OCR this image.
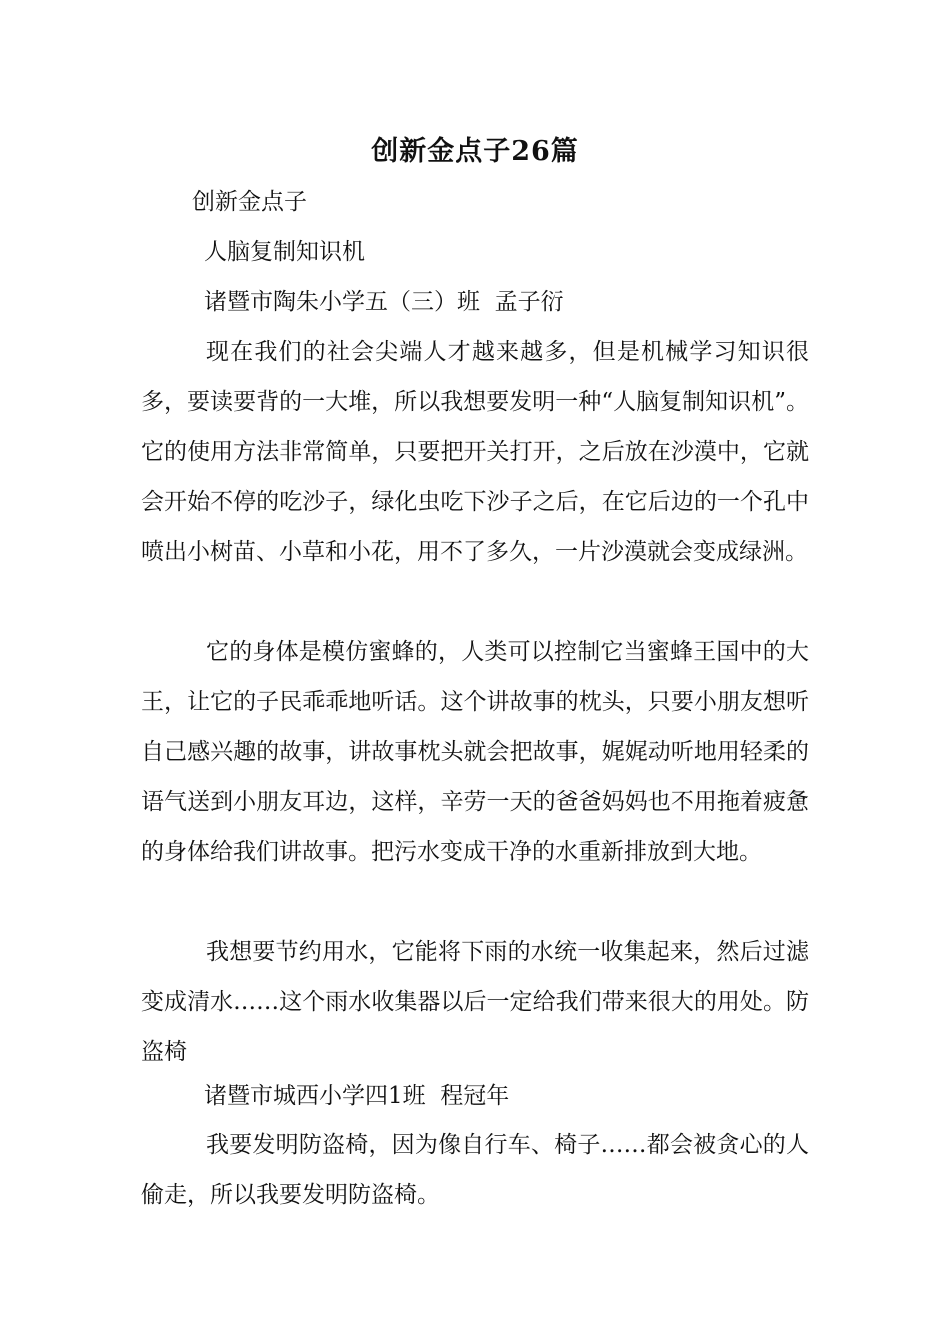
创新金点子26篇
创新金点子
人脑复制知识机
诸暨市陶朱小学五（三）班  孟子衍

现在我们的社会尖端人才越来越多，但是机械学习知识很多，要读要背的一大堆，所以我想要发明一种“人脑复制知识机”。它的使用方法非常简单，只要把开关打开，之后放在沙漠中，它就会开始不停的吃沙子，绿化虫吃下沙子之后，在它后边的一个孔中喷出小树苗、小草和小花，用不了多久，一片沙漠就会变成绿洲。

它的身体是模仿蜜蜂的，人类可以控制它当蜜蜂王国中的大王，让它的子民乖乖地听话。这个讲故事的枕头，只要小朋友想听自己感兴趣的故事，讲故事枕头就会把故事，娓娓动听地用轻柔的语气送到小朋友耳边，这样，辛劳一天的爸爸妈妈也不用拖着疲惫的身体给我们讲故事。把污水变成干净的水重新排放到大地。

我想要节约用水，它能将下雨的水统一收集起来，然后过滤变成清水……这个雨水收集器以后一定给我们带来很大的用处。防盗椅

诸暨市城西小学四1班  程冠年

我要发明防盗椅，因为像自行车、椅子……都会被贪心的人偷走，所以我要发明防盗椅。
